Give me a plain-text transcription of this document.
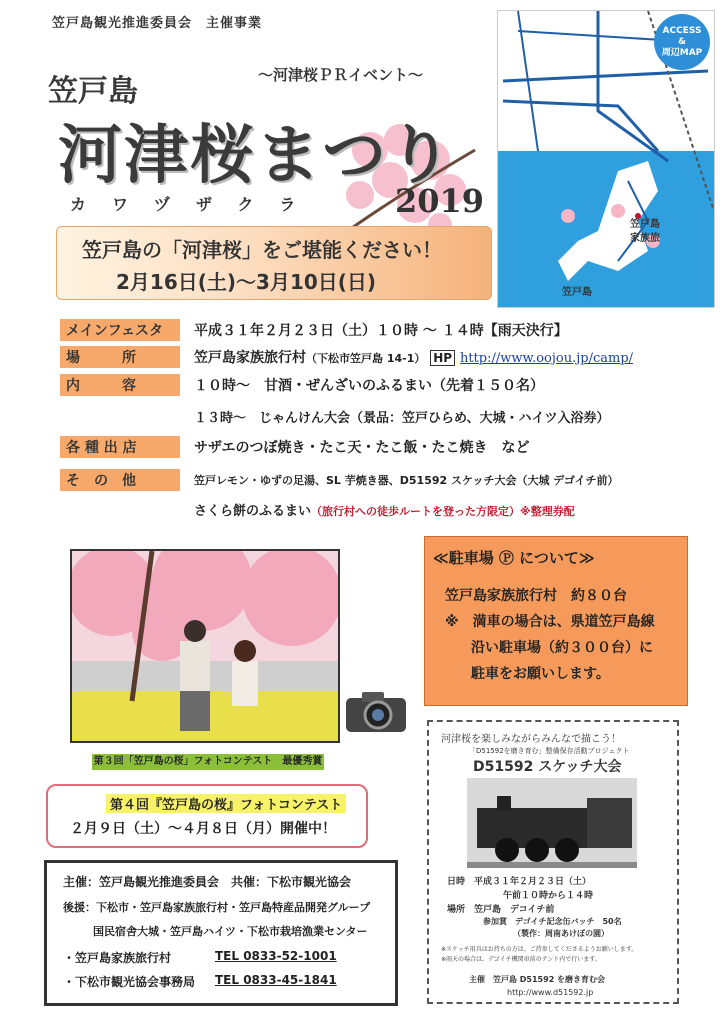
笠戸島観光推進委員会　主催事業
笠戸島	～河津桜ＰＲイベント～
河津桜まつり
カワヅザクラ 2019
笠戸島の「河津桜」をご堪能ください！
2月16日(土)～3月10日(日)
笠戸島
家族旅
笠戸島
ACCESS
&
周辺MAP
メインフェスタ 平成３１年２月２３日（土）１０時 ～ １４時【雨天決行】
場　　　所	笠戸島家族旅行村（下松市笠戸島 14-1） HP http://www.oojou.jp/camp/
内　　　容	１０時～　甘酒・ぜんざいのふるまい（先着１５０名）
１３時～　じゃんけん大会（景品：笠戸ひらめ、大城・ハイツ入浴券）
各 種 出 店	サザエのつぼ焼き・たこ天・たこ飯・たこ焼き　など
そ　の　他	笠戸レモン・ゆずの足湯、SL 芋焼き器、D51592 スケッチ大会（大城 デゴイチ前）
さくら餅のふるまい（旅行村への徒歩ルートを登った方限定）※整理券配
第３回「笠戸島の桜」フォトコンテスト　最優秀賞
第４回『笠戸島の桜』フォトコンテスト
２月９日（土）～４月８日（月）開催中！
≪駐車場 Ⓟ について≫
笠戸島家族旅行村　約８０台
※　満車の場合は、県道笠戸島線
沿い駐車場（約３００台）に
駐車をお願いします。
河津桜を楽しみながらみんなで描こう！
「D51592を磨き育む」整備保存活動プロジェクト
D51592 スケッチ大会
日時　平成３１年２月２３日（土）
午前１０時から１４時
場所　笠戸島　デコイチ前
参加賞　デゴイチ記念缶バッチ　50名
（製作：周南あけぼの園）
※スケッチ用具はお持ちの方は、ご持参してくださるようお願いします。
※雨天の場合は、デゴイチ機関車前のテント内で行います。
主催　笠戸島 D51592 を磨き育む会
http://www.d51592.jp
主催：笠戸島観光推進委員会　共催：下松市観光協会
後援：下松市・笠戸島家族旅行村・笠戸島特産品開発グループ
国民宿舎大城・笠戸島ハイツ・下松市栽培漁業センター
・笠戸島家族旅行村	TEL 0833-52-1001
・下松市観光協会事務局 TEL 0833-45-1841
